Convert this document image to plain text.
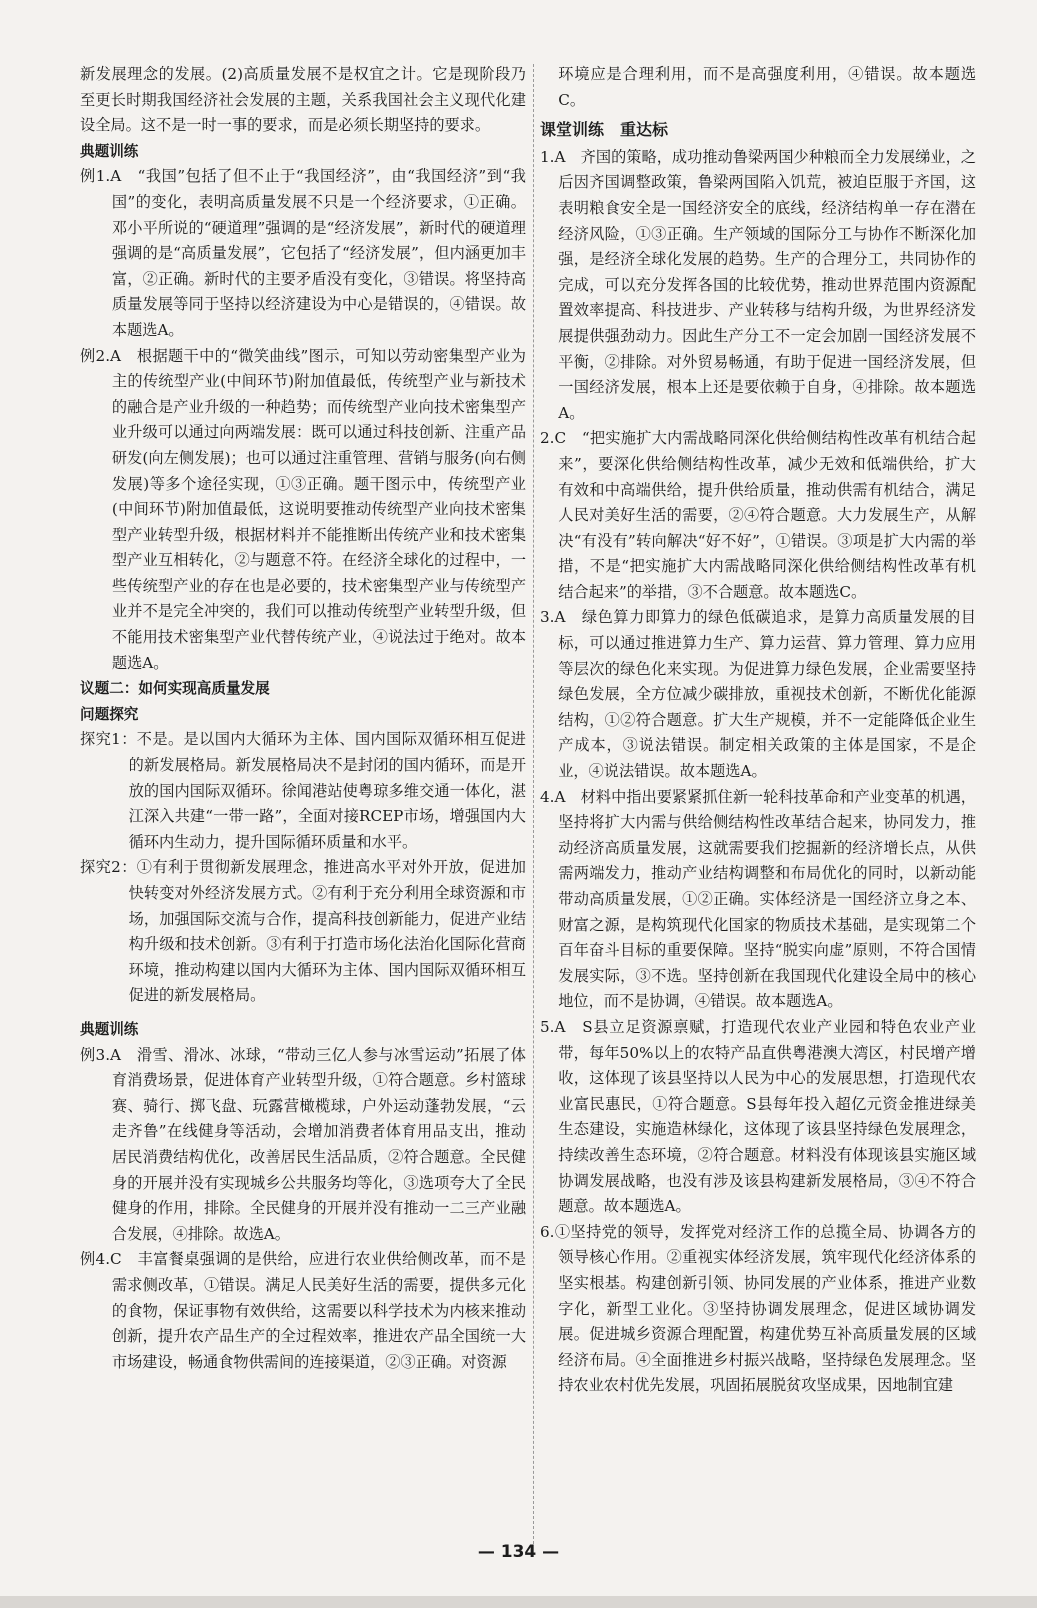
新发展理念的发展。(2)高质量发展不是权宜之计。它是现阶段乃至更长时期我国经济社会发展的主题，关系我国社会主义现代化建设全局。这不是一时一事的要求，而是必须长期坚持的要求。

典题训练

例1.A　“我国”包括了但不止于“我国经济”，由“我国经济”到“我国”的变化，表明高质量发展不只是一个经济要求，①正确。邓小平所说的“硬道理”强调的是“经济发展”，新时代的硬道理强调的是“高质量发展”，它包括了“经济发展”，但内涵更加丰富，②正确。新时代的主要矛盾没有变化，③错误。将坚持高质量发展等同于坚持以经济建设为中心是错误的，④错误。故本题选A。

例2.A　根据题干中的“微笑曲线”图示，可知以劳动密集型产业为主的传统型产业(中间环节)附加值最低，传统型产业与新技术的融合是产业升级的一种趋势；而传统型产业向技术密集型产业升级可以通过向两端发展：既可以通过科技创新、注重产品研发(向左侧发展)；也可以通过注重管理、营销与服务(向右侧发展)等多个途径实现，①③正确。题干图示中，传统型产业(中间环节)附加值最低，这说明要推动传统型产业向技术密集型产业转型升级，根据材料并不能推断出传统产业和技术密集型产业互相转化，②与题意不符。在经济全球化的过程中，一些传统型产业的存在也是必要的，技术密集型产业与传统型产业并不是完全冲突的，我们可以推动传统型产业转型升级，但不能用技术密集型产业代替传统产业，④说法过于绝对。故本题选A。

议题二：如何实现高质量发展

问题探究

探究1：不是。是以国内大循环为主体、国内国际双循环相互促进的新发展格局。新发展格局决不是封闭的国内循环，而是开放的国内国际双循环。徐闻港站使粤琼多维交通一体化，湛江深入共建“一带一路”，全面对接RCEP市场，增强国内大循环内生动力，提升国际循环质量和水平。

探究2：①有利于贯彻新发展理念，推进高水平对外开放，促进加快转变对外经济发展方式。②有利于充分利用全球资源和市场，加强国际交流与合作，提高科技创新能力，促进产业结构升级和技术创新。③有利于打造市场化法治化国际化营商环境，推动构建以国内大循环为主体、国内国际双循环相互促进的新发展格局。

典题训练

例3.A　滑雪、滑冰、冰球，“带动三亿人参与冰雪运动”拓展了体育消费场景，促进体育产业转型升级，①符合题意。乡村篮球赛、骑行、掷飞盘、玩露营橄榄球，户外运动蓬勃发展，“云走齐鲁”在线健身等活动，会增加消费者体育用品支出，推动居民消费结构优化，改善居民生活品质，②符合题意。全民健身的开展并没有实现城乡公共服务均等化，③选项夸大了全民健身的作用，排除。全民健身的开展并没有推动一二三产业融合发展，④排除。故选A。

例4.C　丰富餐桌强调的是供给，应进行农业供给侧改革，而不是需求侧改革，①错误。满足人民美好生活的需要，提供多元化的食物，保证事物有效供给，这需要以科学技术为内核来推动创新，提升农产品生产的全过程效率，推进农产品全国统一大市场建设，畅通食物供需间的连接渠道，②③正确。对资源

环境应是合理利用，而不是高强度利用，④错误。故本题选C。

课堂训练　重达标

1.A　齐国的策略，成功推动鲁梁两国少种粮而全力发展绨业，之后因齐国调整政策，鲁梁两国陷入饥荒，被迫臣服于齐国，这表明粮食安全是一国经济安全的底线，经济结构单一存在潜在经济风险，①③正确。生产领域的国际分工与协作不断深化加强，是经济全球化发展的趋势。生产的合理分工，共同协作的完成，可以充分发挥各国的比较优势，推动世界范围内资源配置效率提高、科技进步、产业转移与结构升级，为世界经济发展提供强劲动力。因此生产分工不一定会加剧一国经济发展不平衡，②排除。对外贸易畅通，有助于促进一国经济发展，但一国经济发展，根本上还是要依赖于自身，④排除。故本题选A。

2.C　“把实施扩大内需战略同深化供给侧结构性改革有机结合起来”，要深化供给侧结构性改革，减少无效和低端供给，扩大有效和中高端供给，提升供给质量，推动供需有机结合，满足人民对美好生活的需要，②④符合题意。大力发展生产，从解决“有没有”转向解决“好不好”，①错误。③项是扩大内需的举措，不是“把实施扩大内需战略同深化供给侧结构性改革有机结合起来”的举措，③不合题意。故本题选C。

3.A　绿色算力即算力的绿色低碳追求，是算力高质量发展的目标，可以通过推进算力生产、算力运营、算力管理、算力应用等层次的绿色化来实现。为促进算力绿色发展，企业需要坚持绿色发展，全方位减少碳排放，重视技术创新，不断优化能源结构，①②符合题意。扩大生产规模，并不一定能降低企业生产成本，③说法错误。制定相关政策的主体是国家，不是企业，④说法错误。故本题选A。

4.A　材料中指出要紧紧抓住新一轮科技革命和产业变革的机遇，坚持将扩大内需与供给侧结构性改革结合起来，协同发力，推动经济高质量发展，这就需要我们挖掘新的经济增长点，从供需两端发力，推动产业结构调整和布局优化的同时，以新动能带动高质量发展，①②正确。实体经济是一国经济立身之本、财富之源，是构筑现代化国家的物质技术基础，是实现第二个百年奋斗目标的重要保障。坚持“脱实向虚”原则，不符合国情发展实际，③不选。坚持创新在我国现代化建设全局中的核心地位，而不是协调，④错误。故本题选A。

5.A　S县立足资源禀赋，打造现代农业产业园和特色农业产业带，每年50%以上的农特产品直供粤港澳大湾区，村民增产增收，这体现了该县坚持以人民为中心的发展思想，打造现代农业富民惠民，①符合题意。S县每年投入超亿元资金推进绿美生态建设，实施造林绿化，这体现了该县坚持绿色发展理念，持续改善生态环境，②符合题意。材料没有体现该县实施区域协调发展战略，也没有涉及该县构建新发展格局，③④不符合题意。故本题选A。

6.①坚持党的领导，发挥党对经济工作的总揽全局、协调各方的领导核心作用。②重视实体经济发展，筑牢现代化经济体系的坚实根基。构建创新引领、协同发展的产业体系，推进产业数字化，新型工业化。③坚持协调发展理念，促进区域协调发展。促进城乡资源合理配置，构建优势互补高质量发展的区域经济布局。④全面推进乡村振兴战略，坚持绿色发展理念。坚持农业农村优先发展，巩固拓展脱贫攻坚成果，因地制宜建

— 134 —
